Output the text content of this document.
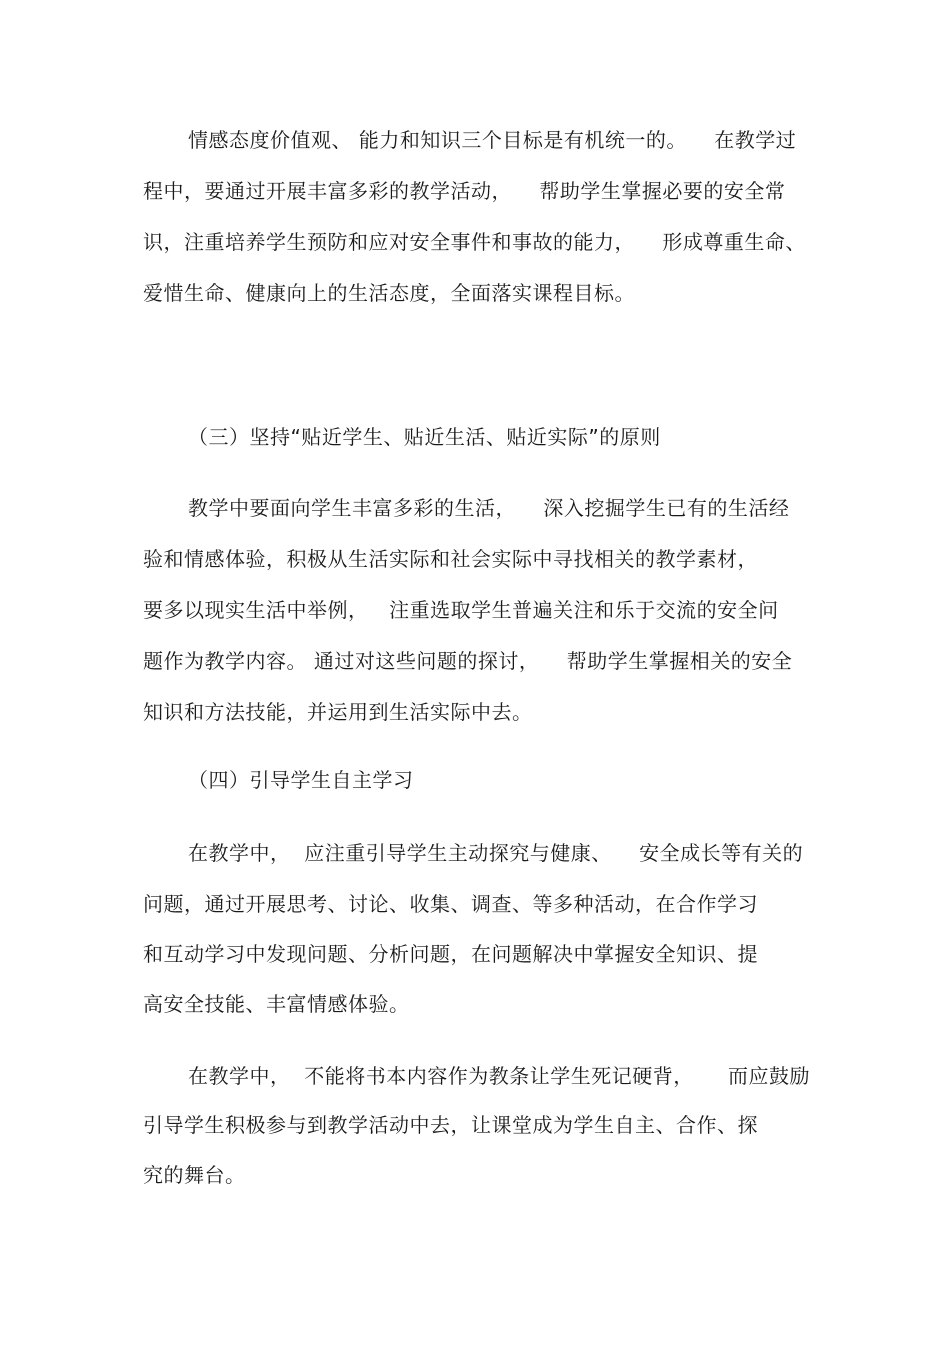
情感态度价值观、 能力和知识三个目标是有机统一的。    在教学过
程中，要通过开展丰富多彩的教学活动，    帮助学生掌握必要的安全常
识，注重培养学生预防和应对安全事件和事故的能力，    形成尊重生命、
爱惜生命、健康向上的生活态度，全面落实课程目标。
（三）坚持“贴近学生、贴近生活、贴近实际”的原则
教学中要面向学生丰富多彩的生活，    深入挖掘学生已有的生活经
验和情感体验，积极从生活实际和社会实际中寻找相关的教学素材，
要多以现实生活中举例，   注重选取学生普遍关注和乐于交流的安全问
题作为教学内容。 通过对这些问题的探讨，    帮助学生掌握相关的安全
知识和方法技能，并运用到生活实际中去。
（四）引导学生自主学习
在教学中，  应注重引导学生主动探究与健康、    安全成长等有关的
问题，通过开展思考、讨论、收集、调查、等多种活动，在合作学习
和互动学习中发现问题、分析问题，在问题解决中掌握安全知识、提
高安全技能、丰富情感体验。
在教学中，  不能将书本内容作为教条让学生死记硬背，     而应鼓励
引导学生积极参与到教学活动中去，让课堂成为学生自主、合作、探
究的舞台。
